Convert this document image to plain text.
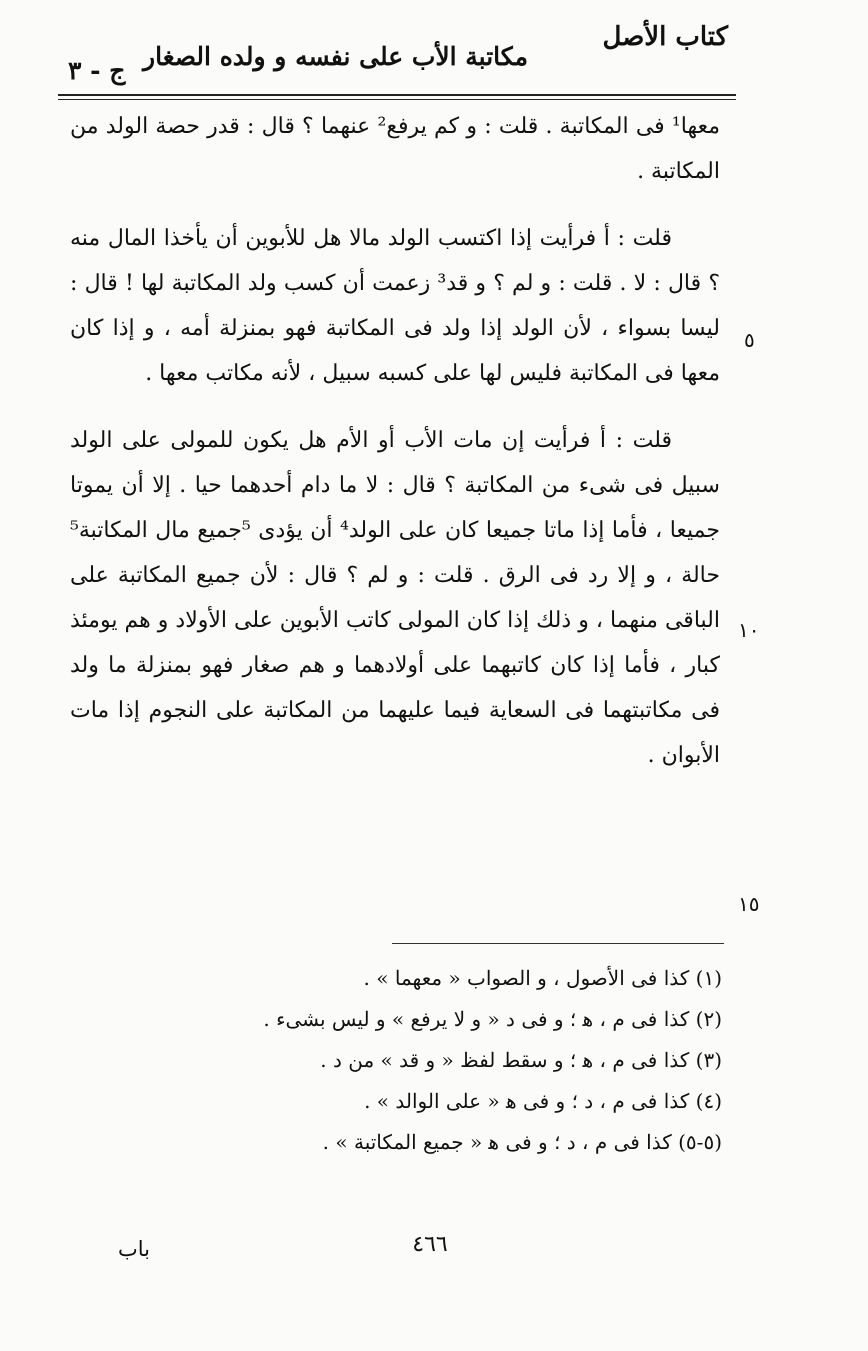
كتاب الأصل
مكاتبة الأب على نفسه و ولده الصغار
ج - ٣

معها¹ فى المكاتبة . قلت : و كم يرفع² عنهما ؟ قال : قدر حصة الولد من المكاتبة .

قلت : أ فرأيت إذا اكتسب الولد مالا هل للأبوين أن يأخذا المال منه ؟ قال : لا . قلت : و لم ؟ و قد³ زعمت أن كسب ولد المكاتبة لها ! قال : ليسا بسواء ، لأن الولد إذا ولد فى المكاتبة فهو بمنزلة أمه ، و إذا كان معها فى المكاتبة فليس لها على كسبه سبيل ، لأنه مكاتب معها .

قلت : أ فرأيت إن مات الأب أو الأم هل يكون للمولى على الولد سبيل فى شىء من المكاتبة ؟ قال : لا ما دام أحدهما حيا . إلا أن يموتا جميعا ، فأما إذا ماتا جميعا كان على الولد⁴ أن يؤدى ⁵جميع مال المكاتبة⁵ حالة ، و إلا رد فى الرق . قلت : و لم ؟ قال : لأن جميع المكاتبة على الباقى منهما ، و ذلك إذا كان المولى كاتب الأبوين على الأولاد و هم يومئذ كبار ، فأما إذا كان كاتبهما على أولادهما و هم صغار فهو بمنزلة ما ولد فى مكاتبتهما فى السعاية فيما عليهما من المكاتبة على النجوم إذا مات الأبوان .

٥
١٠
١٥
(١) كذا فى الأصول ، و الصواب « معهما » .
(٢) كذا فى م ، ﻫ ؛ و فى د « و لا يرفع » و ليس بشىء .
(٣) كذا فى م ، ﻫ ؛ و سقط لفظ « و قد » من د .
(٤) كذا فى م ، د ؛ و فى ﻫ « على الوالد » .
(٥-٥) كذا فى م ، د ؛ و فى ﻫ « جميع المكاتبة » .
٤٦٦
باب
